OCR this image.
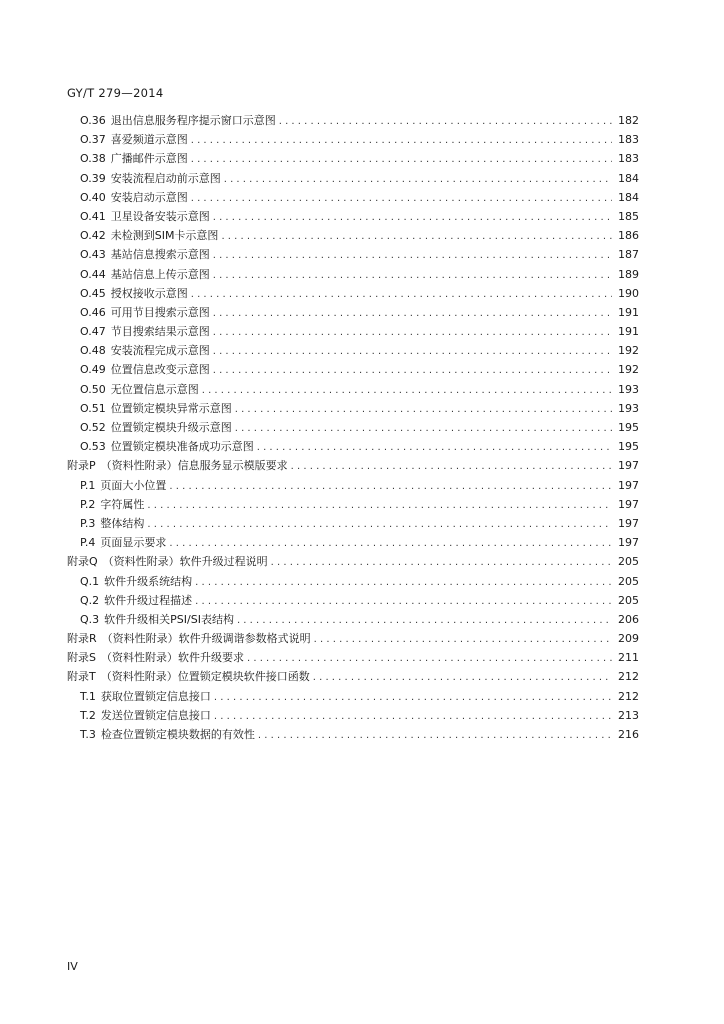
GY/T 279—2014
O.36 退出信息服务程序提示窗口示意图 . . .	182
O.37 喜爱频道示意图 . . .	183
O.38 广播邮件示意图 . . .	183
O.39 安装流程启动前示意图 . . .	184
O.40 安装启动示意图 . . .	184
O.41 卫星设备安装示意图 . . .	185
O.42 未检测到SIM卡示意图 . . .	186
O.43 基站信息搜索示意图 . . .	187
O.44 基站信息上传示意图 . . .	189
O.45 授权接收示意图 . . .	190
O.46 可用节目搜索示意图 . . .	191
O.47 节目搜索结果示意图 . . .	191
O.48 安装流程完成示意图 . . .	192
O.49 位置信息改变示意图 . . .	192
O.50 无位置信息示意图 . . .	193
O.51 位置锁定模块异常示意图 . . .	193
O.52 位置锁定模块升级示意图 . . .	195
O.53 位置锁定模块准备成功示意图 . . .	195
附录P （资料性附录）信息服务显示模版要求 . . .	197
P.1 页面大小位置 . . .	197
P.2 字符属性 . . .	197
P.3 整体结构 . . .	197
P.4 页面显示要求 . . .	197
附录Q （资料性附录）软件升级过程说明 . . .	205
Q.1 软件升级系统结构 . . .	205
Q.2 软件升级过程描述 . . .	205
Q.3 软件升级相关PSI/SI表结构 . . .	206
附录R （资料性附录）软件升级调谐参数格式说明 . . .	209
附录S （资料性附录）软件升级要求 . . .	211
附录T （资料性附录）位置锁定模块软件接口函数 . . .	212
T.1 获取位置锁定信息接口 . . .	212
T.2 发送位置锁定信息接口 . . .	213
T.3 检查位置锁定模块数据的有效性 . . .	216
IV
